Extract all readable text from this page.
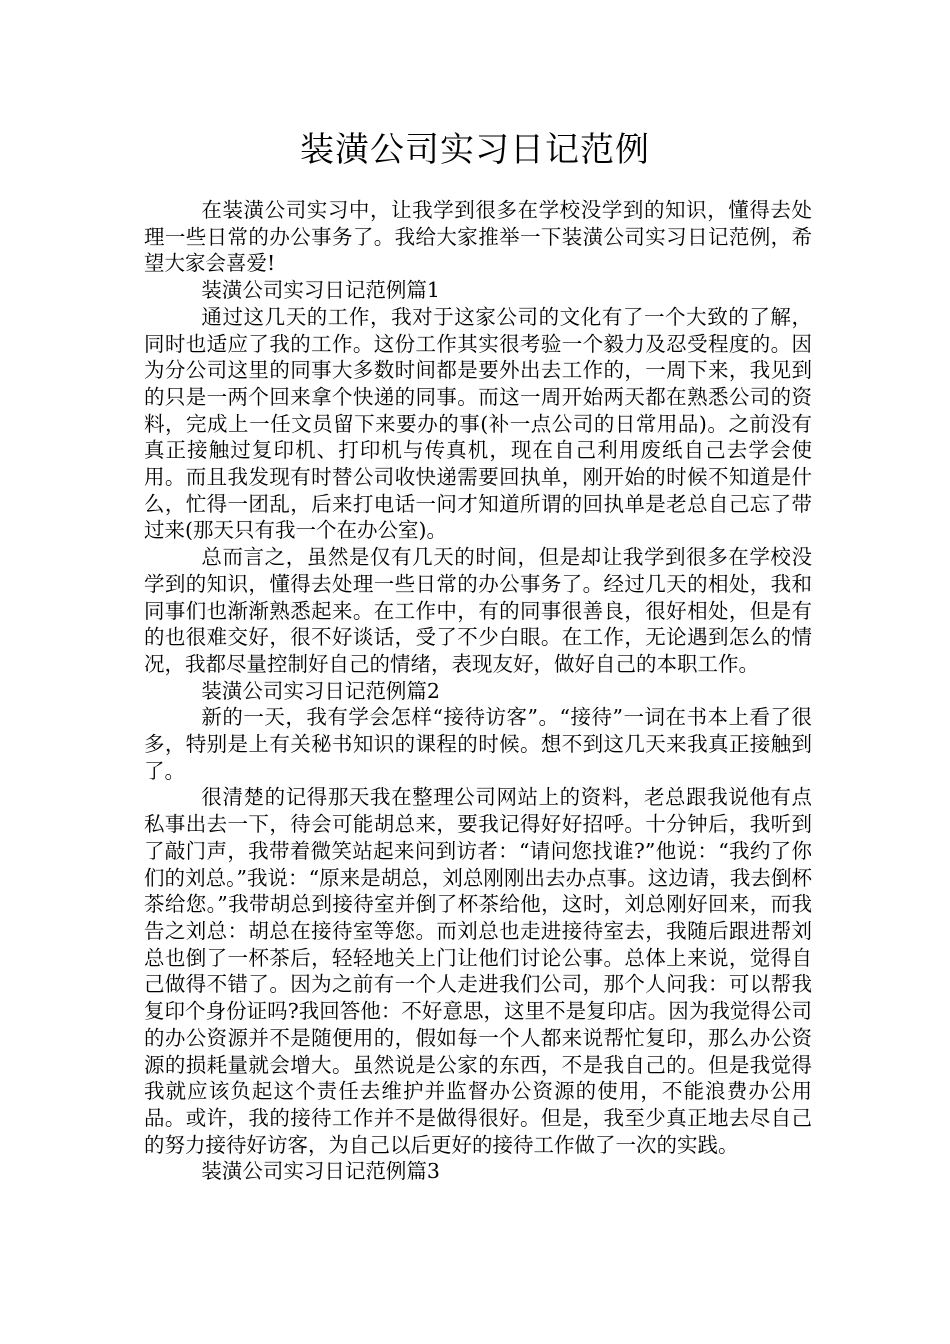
装潢公司实习日记范例

在装潢公司实习中，让我学到很多在学校没学到的知识，懂得去处理一些日常的办公事务了。我给大家推举一下装潢公司实习日记范例，希望大家会喜爱!

装潢公司实习日记范例篇1

通过这几天的工作，我对于这家公司的文化有了一个大致的了解，同时也适应了我的工作。这份工作其实很考验一个毅力及忍受程度的。因为分公司这里的同事大多数时间都是要外出去工作的，一周下来，我见到的只是一两个回来拿个快递的同事。而这一周开始两天都在熟悉公司的资料，完成上一任文员留下来要办的事(补一点公司的日常用品)。之前没有真正接触过复印机、打印机与传真机，现在自己利用废纸自己去学会使用。而且我发现有时替公司收快递需要回执单，刚开始的时候不知道是什么，忙得一团乱，后来打电话一问才知道所谓的回执单是老总自己忘了带过来(那天只有我一个在办公室)。

总而言之，虽然是仅有几天的时间，但是却让我学到很多在学校没学到的知识，懂得去处理一些日常的办公事务了。经过几天的相处，我和同事们也渐渐熟悉起来。在工作中，有的同事很善良，很好相处，但是有的也很难交好，很不好谈话，受了不少白眼。在工作，无论遇到怎么的情况，我都尽量控制好自己的情绪，表现友好，做好自己的本职工作。

装潢公司实习日记范例篇2

新的一天，我有学会怎样“接待访客”。“接待”一词在书本上看了很多，特别是上有关秘书知识的课程的时候。想不到这几天来我真正接触到了。

很清楚的记得那天我在整理公司网站上的资料，老总跟我说他有点私事出去一下，待会可能胡总来，要我记得好好招呼。十分钟后，我听到了敲门声，我带着微笑站起来问到访者：“请问您找谁?”他说：“我约了你们的刘总。”我说：“原来是胡总，刘总刚刚出去办点事。这边请，我去倒杯茶给您。”我带胡总到接待室并倒了杯茶给他，这时，刘总刚好回来，而我告之刘总：胡总在接待室等您。而刘总也走进接待室去，我随后跟进帮刘总也倒了一杯茶后，轻轻地关上门让他们讨论公事。总体上来说，觉得自己做得不错了。因为之前有一个人走进我们公司，那个人问我：可以帮我复印个身份证吗?我回答他：不好意思，这里不是复印店。因为我觉得公司的办公资源并不是随便用的，假如每一个人都来说帮忙复印，那么办公资源的损耗量就会增大。虽然说是公家的东西，不是我自己的。但是我觉得我就应该负起这个责任去维护并监督办公资源的使用，不能浪费办公用品。或许，我的接待工作并不是做得很好。但是，我至少真正地去尽自己的努力接待好访客，为自己以后更好的接待工作做了一次的实践。

装潢公司实习日记范例篇3
